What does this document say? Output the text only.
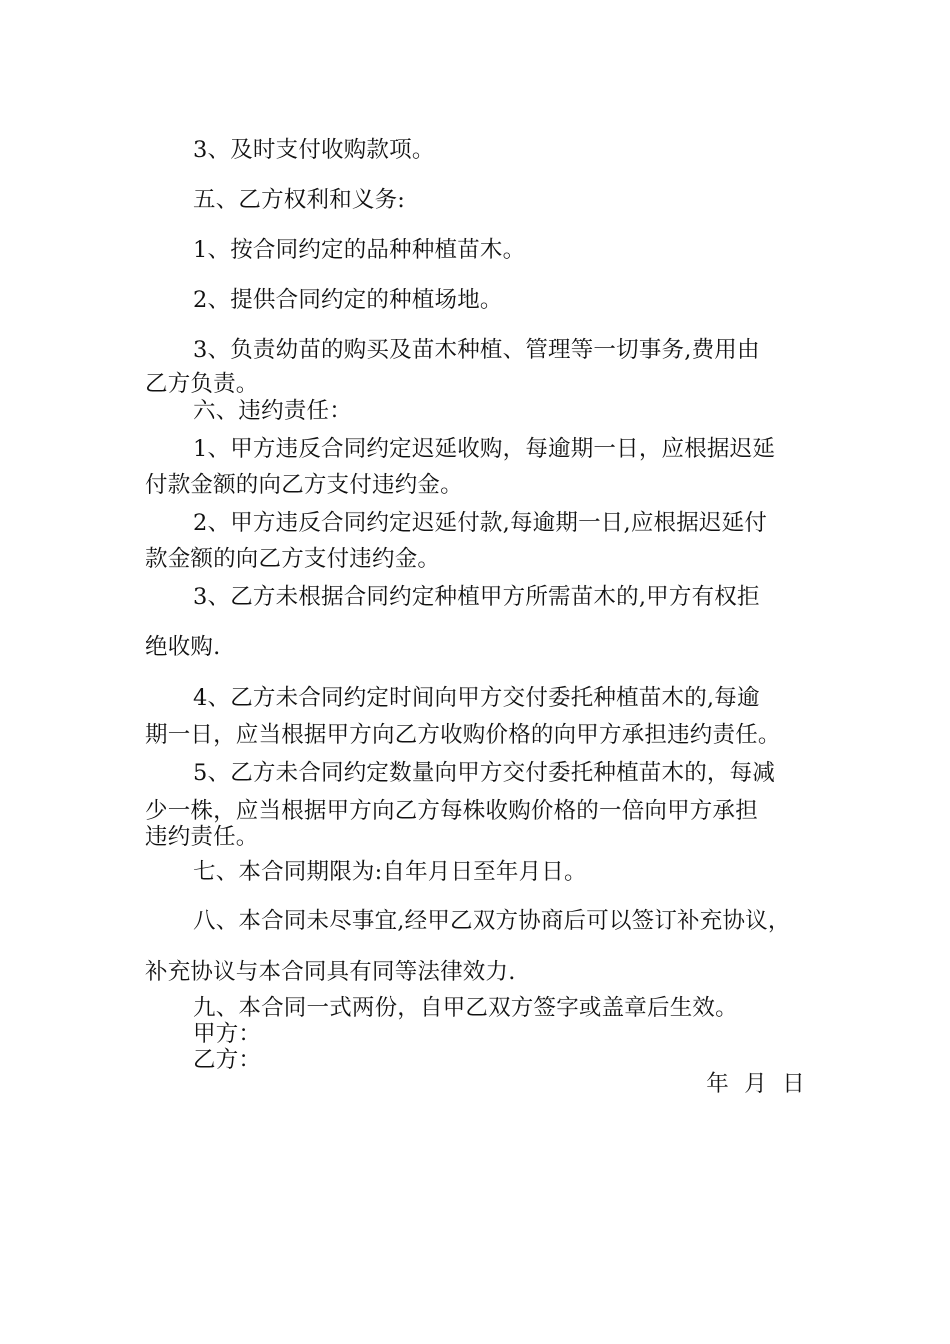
3、及时支付收购款项。
五、乙方权利和义务:
1、按合同约定的品种种植苗木。
2、提供合同约定的种植场地。
3、负责幼苗的购买及苗木种植、管理等一切事务,费用由
乙方负责。
六、违约责任：
1、甲方违反合同约定迟延收购，每逾期一日，应根据迟延
付款金额的向乙方支付违约金。
2、甲方违反合同约定迟延付款,每逾期一日,应根据迟延付
款金额的向乙方支付违约金。
3、乙方未根据合同约定种植甲方所需苗木的,甲方有权拒
绝收购.
4、乙方未合同约定时间向甲方交付委托种植苗木的,每逾
期一日，应当根据甲方向乙方收购价格的向甲方承担违约责任。
5、乙方未合同约定数量向甲方交付委托种植苗木的，每减
少一株，应当根据甲方向乙方每株收购价格的一倍向甲方承担
违约责任。
七、本合同期限为:自年月日至年月日。
八、本合同未尽事宜,经甲乙双方协商后可以签订补充协议，
补充协议与本合同具有同等法律效力.
九、本合同一式两份，自甲乙双方签字或盖章后生效。
甲方：
乙方：
年 月 日
